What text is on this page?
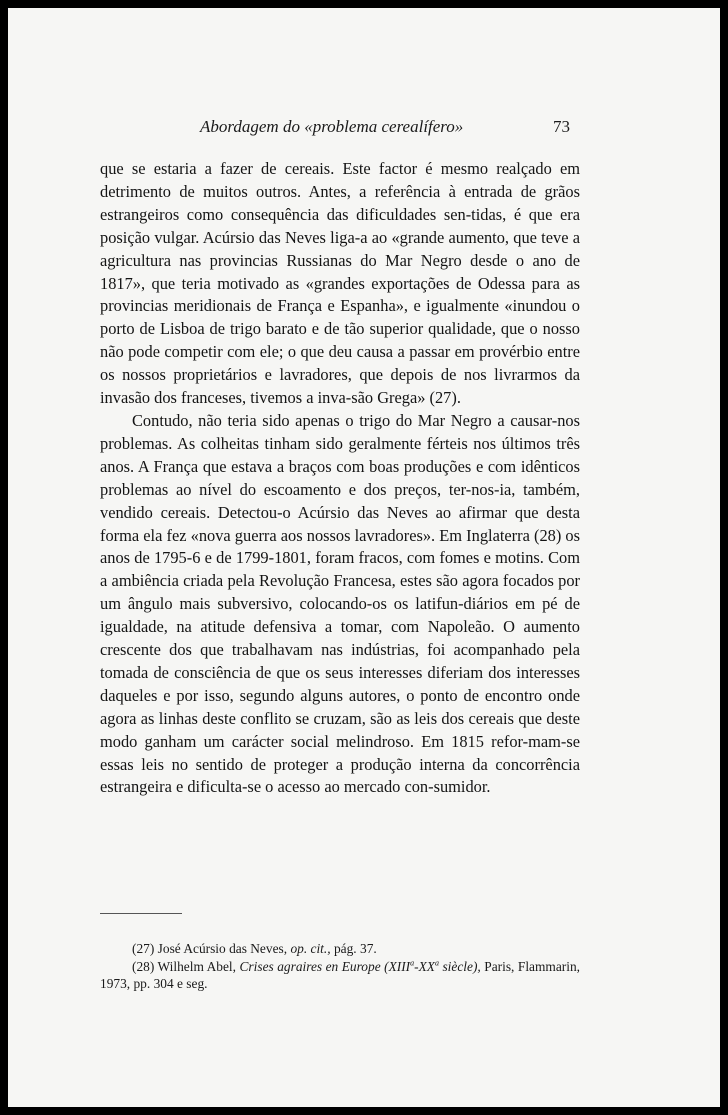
Abordagem do «problema cerealífero»	73

que se estaria a fazer de cereais. Este factor é mesmo realçado em detrimento de muitos outros. Antes, a referência à entrada de grãos estrangeiros como consequência das dificuldades sen-tidas, é que era posição vulgar. Acúrsio das Neves liga-a ao «grande aumento, que teve a agricultura nas provincias Russianas do Mar Negro desde o ano de 1817», que teria motivado as «grandes exportações de Odessa para as provincias meridionais de França e Espanha», e igualmente «inundou o porto de Lisboa de trigo barato e de tão superior qualidade, que o nosso não pode competir com ele; o que deu causa a passar em provérbio entre os nossos proprietários e lavradores, que depois de nos livrarmos da invasão dos franceses, tivemos a inva-são Grega» (27).

Contudo, não teria sido apenas o trigo do Mar Negro a causar-nos problemas. As colheitas tinham sido geralmente férteis nos últimos três anos. A França que estava a braços com boas produções e com idênticos problemas ao nível do escoamento e dos preços, ter-nos-ia, também, vendido cereais. Detectou-o Acúrsio das Neves ao afirmar que desta forma ela fez «nova guerra aos nossos lavradores». Em Inglaterra (28) os anos de 1795-6 e de 1799-1801, foram fracos, com fomes e motins. Com a ambiência criada pela Revolução Francesa, estes são agora focados por um ângulo mais subversivo, colocando-os os latifun-diários em pé de igualdade, na atitude defensiva a tomar, com Napoleão. O aumento crescente dos que trabalhavam nas indústrias, foi acompanhado pela tomada de consciência de que os seus interesses diferiam dos interesses daqueles e por isso, segundo alguns autores, o ponto de encontro onde agora as linhas deste conflito se cruzam, são as leis dos cereais que deste modo ganham um carácter social melindroso. Em 1815 refor-mam-se essas leis no sentido de proteger a produção interna da concorrência estrangeira e dificulta-se o acesso ao mercado con-sumidor.

(27) José Acúrsio das Neves, op. cit., pág. 37.

(28) Wilhelm Abel, Crises agraires en Europe ($XIII^a-XX^a$ siècle), Paris, Flammarin, 1973, pp. 304 e seg.
